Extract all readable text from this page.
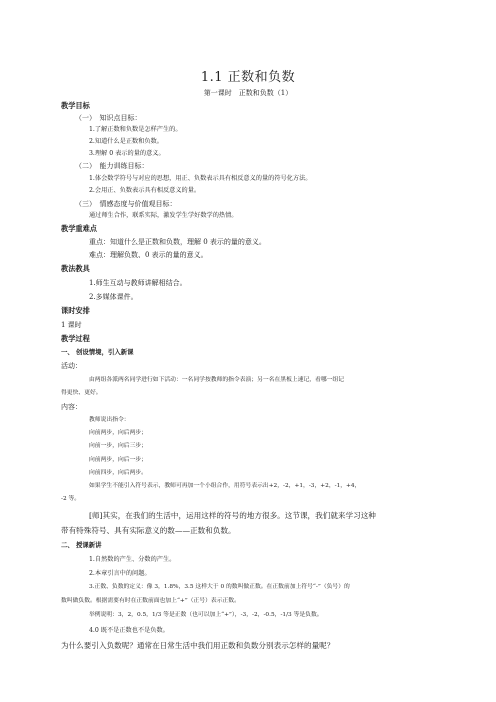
1.1 正数和负数
第一课时　正数和负数（1）
教学目标
（一）　知识点目标：
1.了解正数和负数是怎样产生的。
2.知道什么是正数和负数。
3.理解 0 表示的量的意义。
（二）　能力训练目标：
1.体会数学符号与对应的思想，用正、负数表示具有相反意义的量的符号化方法。
2.会用正、负数表示具有相反意义的量。
（三）　情感态度与价值观目标：
通过师生合作，联系实际，激发学生学好数学的热情。
教学重难点
重点：知道什么是正数和负数，理解 0 表示的量的意义。
难点：理解负数、0 表示的量的意义。
教法教具
1.师生互动与教师讲解相结合。
2.多媒体课件。
课时安排
1 课时
教学过程
一、 创设情境，引入新课
活动：
由两组各派两名同学进行如下活动：一名同学按教师的指令表演；另一名在黑板上速记，看哪一组记
得更快、更好。
内容：
教师说出指令：
向前两步，向后两步；
向前一步，向后三步；
向前两步，向后一步；
向前四步，向后两步。
如果学生不能引入符号表示，教师可再加一个小组合作，用符号表示出+2，-2，+1，-3，+2，-1，+4，
-2 等。
[师]其实，在我们的生活中，运用这样的符号的地方很多。这节课，我们就来学习这种
带有特殊符号、具有实际意义的数——正数和负数。
二、 授课新讲
1.自然数的产生、分数的产生。
2.本章引言中的问题。
3.正数、负数的定义：像 3，1.8%，3.5 这样大于 0 的数叫做正数。在正数前加上符号“-”（负号）的
数叫做负数。根据需要有时在正数前面也加上“+”（正号）表示正数。
举例说明：3，2，0.5，1/3 等是正数（也可以加上“+”），-3，-2，-0.5，-1/3 等是负数。
4.0 既不是正数也不是负数。
为什么要引入负数呢？通常在日常生活中我们用正数和负数分别表示怎样的量呢？
